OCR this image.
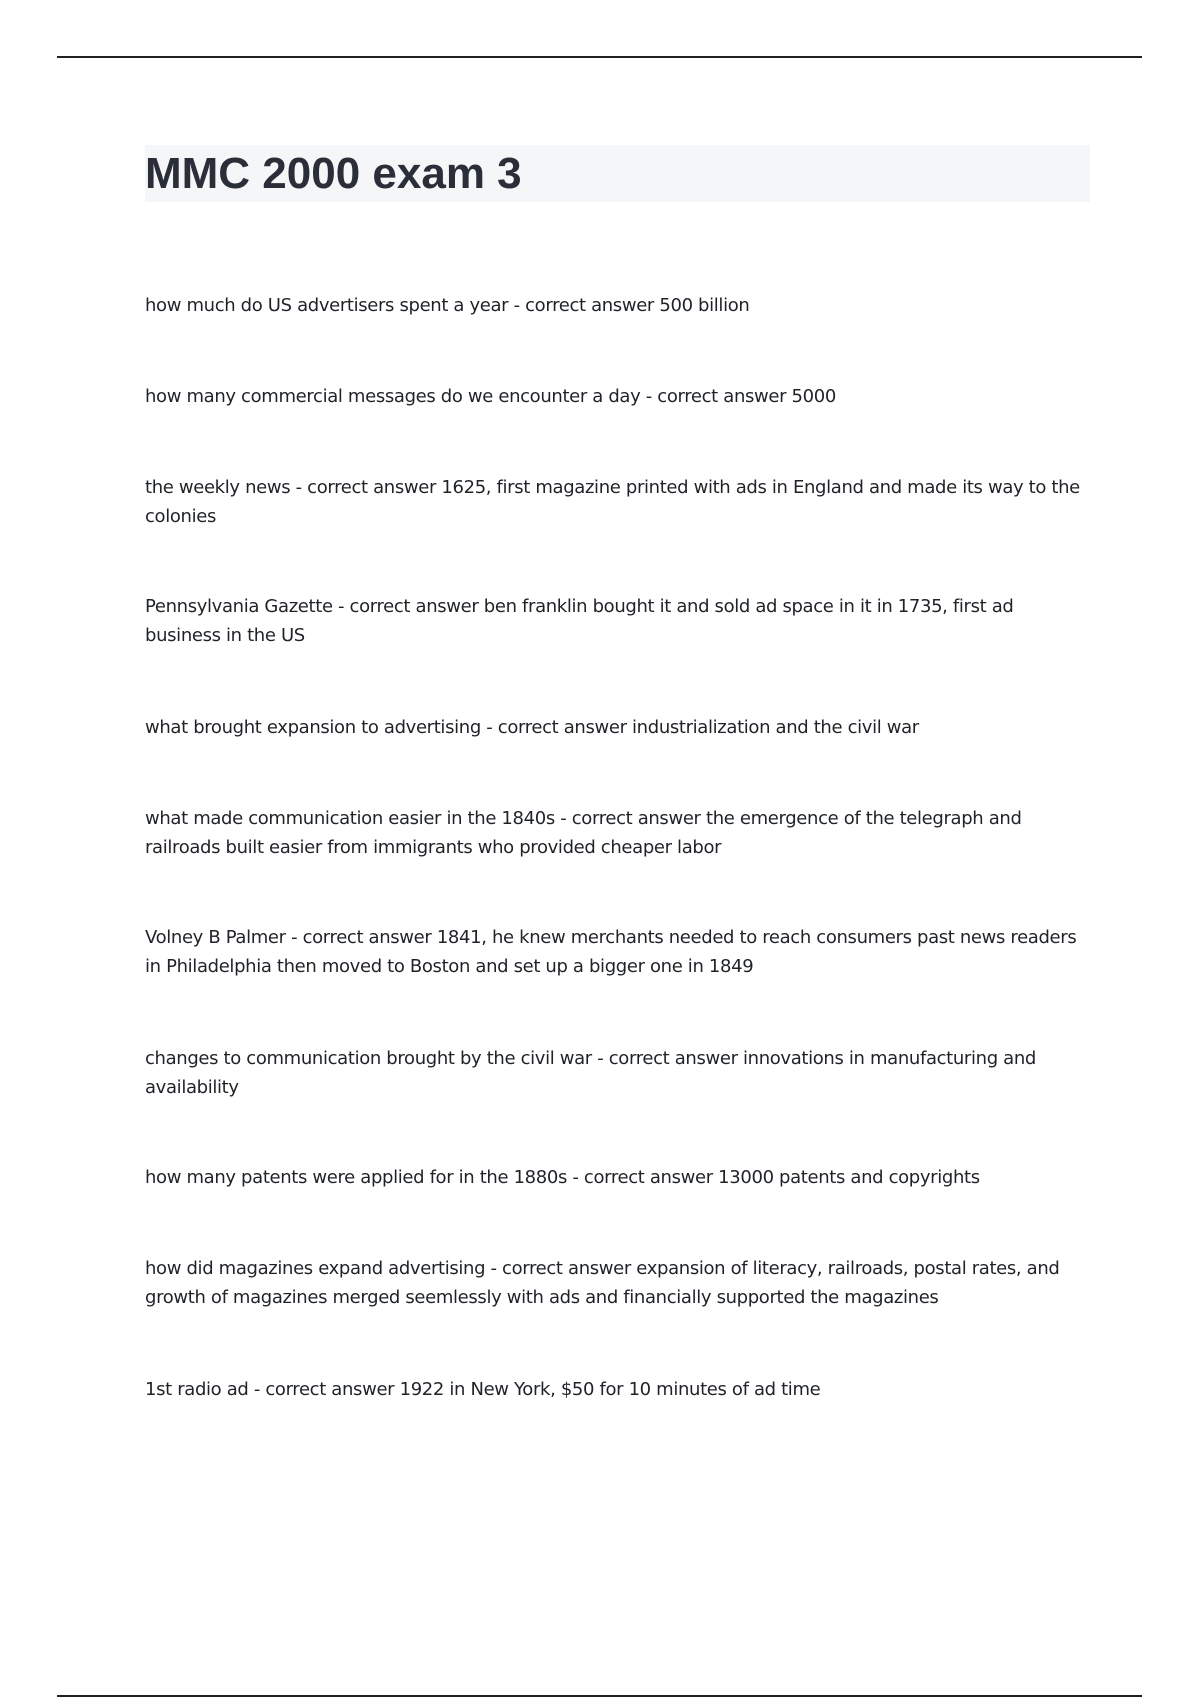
MMC 2000 exam 3
how much do US advertisers spent a year - correct answer 500 billion
how many commercial messages do we encounter a day - correct answer 5000
the weekly news - correct answer 1625, first magazine printed with ads in England and made its way to the colonies
Pennsylvania Gazette - correct answer ben franklin bought it and sold ad space in it in 1735, first ad business in the US
what brought expansion to advertising - correct answer industrialization and the civil war
what made communication easier in the 1840s - correct answer the emergence of the telegraph and railroads built easier from immigrants who provided cheaper labor
Volney B Palmer - correct answer 1841, he knew merchants needed to reach consumers past news readers in Philadelphia then moved to Boston and set up a bigger one in 1849
changes to communication brought by the civil war - correct answer innovations in manufacturing and availability
how many patents were applied for in the 1880s - correct answer 13000 patents and copyrights
how did magazines expand advertising - correct answer expansion of literacy, railroads, postal rates, and growth of magazines merged seemlessly with ads and financially supported the magazines
1st radio ad - correct answer 1922 in New York, $50 for 10 minutes of ad time
